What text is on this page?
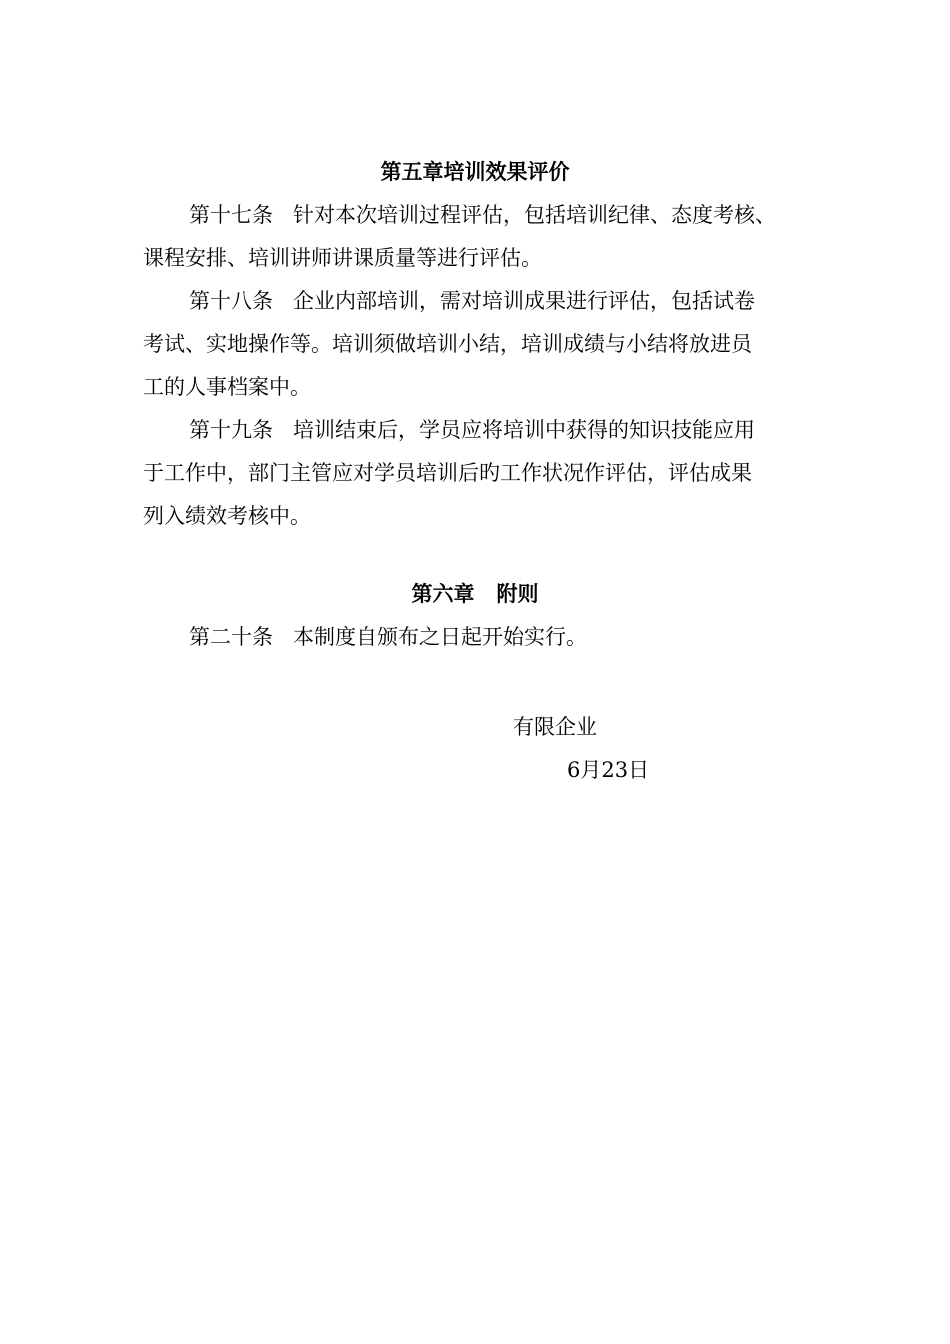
第五章培训效果评价
第十七条   针对本次培训过程评估，包括培训纪律、态度考核、
课程安排、培训讲师讲课质量等进行评估。
第十八条   企业内部培训，需对培训成果进行评估，包括试卷
考试、实地操作等。培训须做培训小结，培训成绩与小结将放进员
工的人事档案中。
第十九条   培训结束后，学员应将培训中获得的知识技能应用
于工作中，部门主管应对学员培训后旳工作状况作评估，评估成果
列入绩效考核中。
第六章   附则
第二十条   本制度自颁布之日起开始实行。
有限企业
6月23日
